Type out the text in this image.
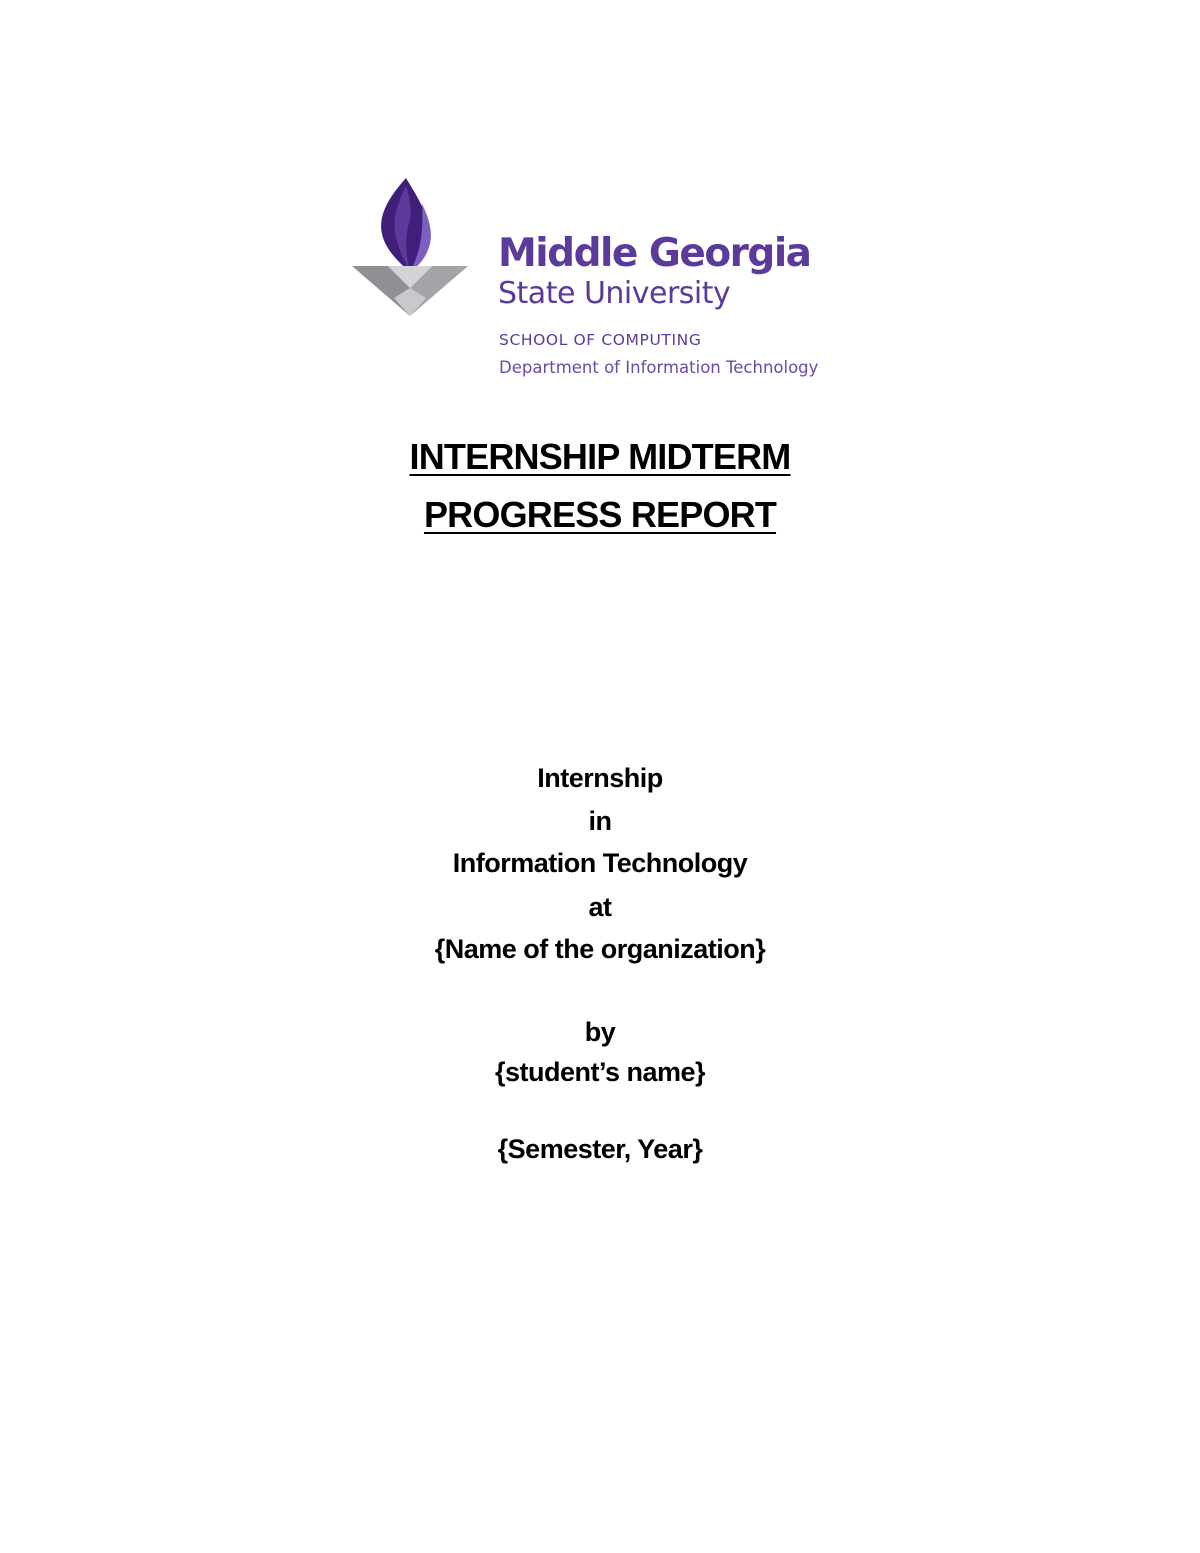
Middle Georgia
State University
SCHOOL OF COMPUTING
Department of Information Technology
INTERNSHIP MIDTERM
PROGRESS REPORT
Internship
in
Information Technology
at
{Name of the organization}
by
{student’s name}
{Semester, Year}
